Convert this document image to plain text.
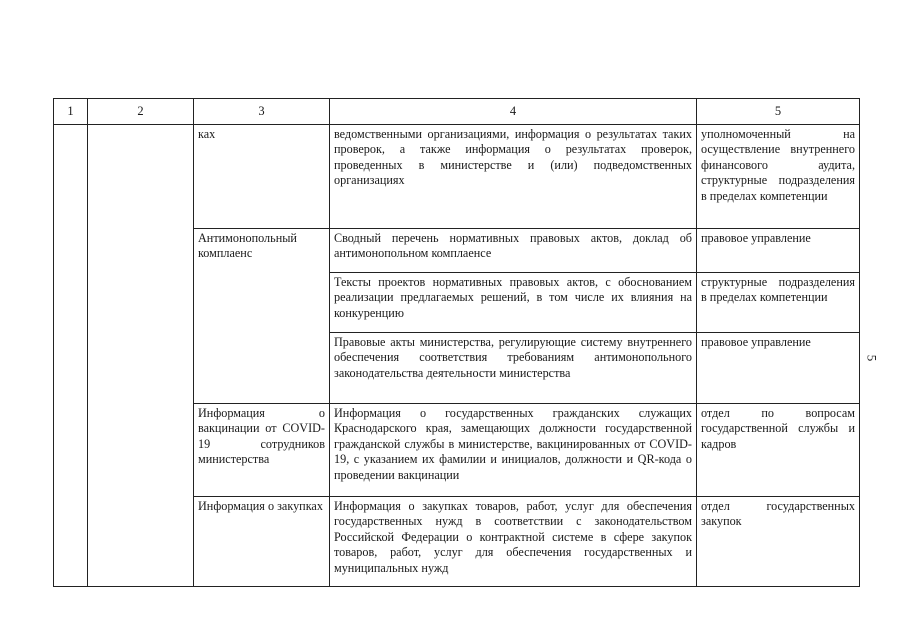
1	2	3	4	5
		ках	ведомственными организациями, информация о результатах таких проверок, а также информация о результатах проверок, проведенных в министерстве и (или) подведомственных организациях	уполномоченный на осуществление внутреннего финансового аудита, структурные подразделения в пределах компетенции
		Антимонопольный комплаенс	Сводный перечень нормативных правовых актов, доклад об антимонопольном комплаенсе	правовое управление
			Тексты проектов нормативных правовых актов, с обоснованием реализации предлагаемых решений, в том числе их влияния на конкуренцию	структурные подразделения в пределах компетенции
			Правовые акты министерства, регулирующие систему внутреннего обеспечения соответствия требованиям антимонопольного законодательства деятельности министерства	правовое управление
		Информация о вакцинации от COVID-19 сотрудников министерства	Информация о государственных гражданских служащих Краснодарского края, замещающих должности государственной гражданской службы в министерстве, вакцинированных от COVID-19, с указанием их фамилии и инициалов, должности и QR-кода о проведении вакцинации	отдел по вопросам государственной службы и кадров
		Информация о закупках	Информация о закупках товаров, работ, услуг для обеспечения государственных нужд в соответствии с законодательством Российской Федерации о контрактной системе в сфере закупок товаров, работ, услуг для обеспечения государственных и муниципальных нужд	отдел государственных закупок
5
